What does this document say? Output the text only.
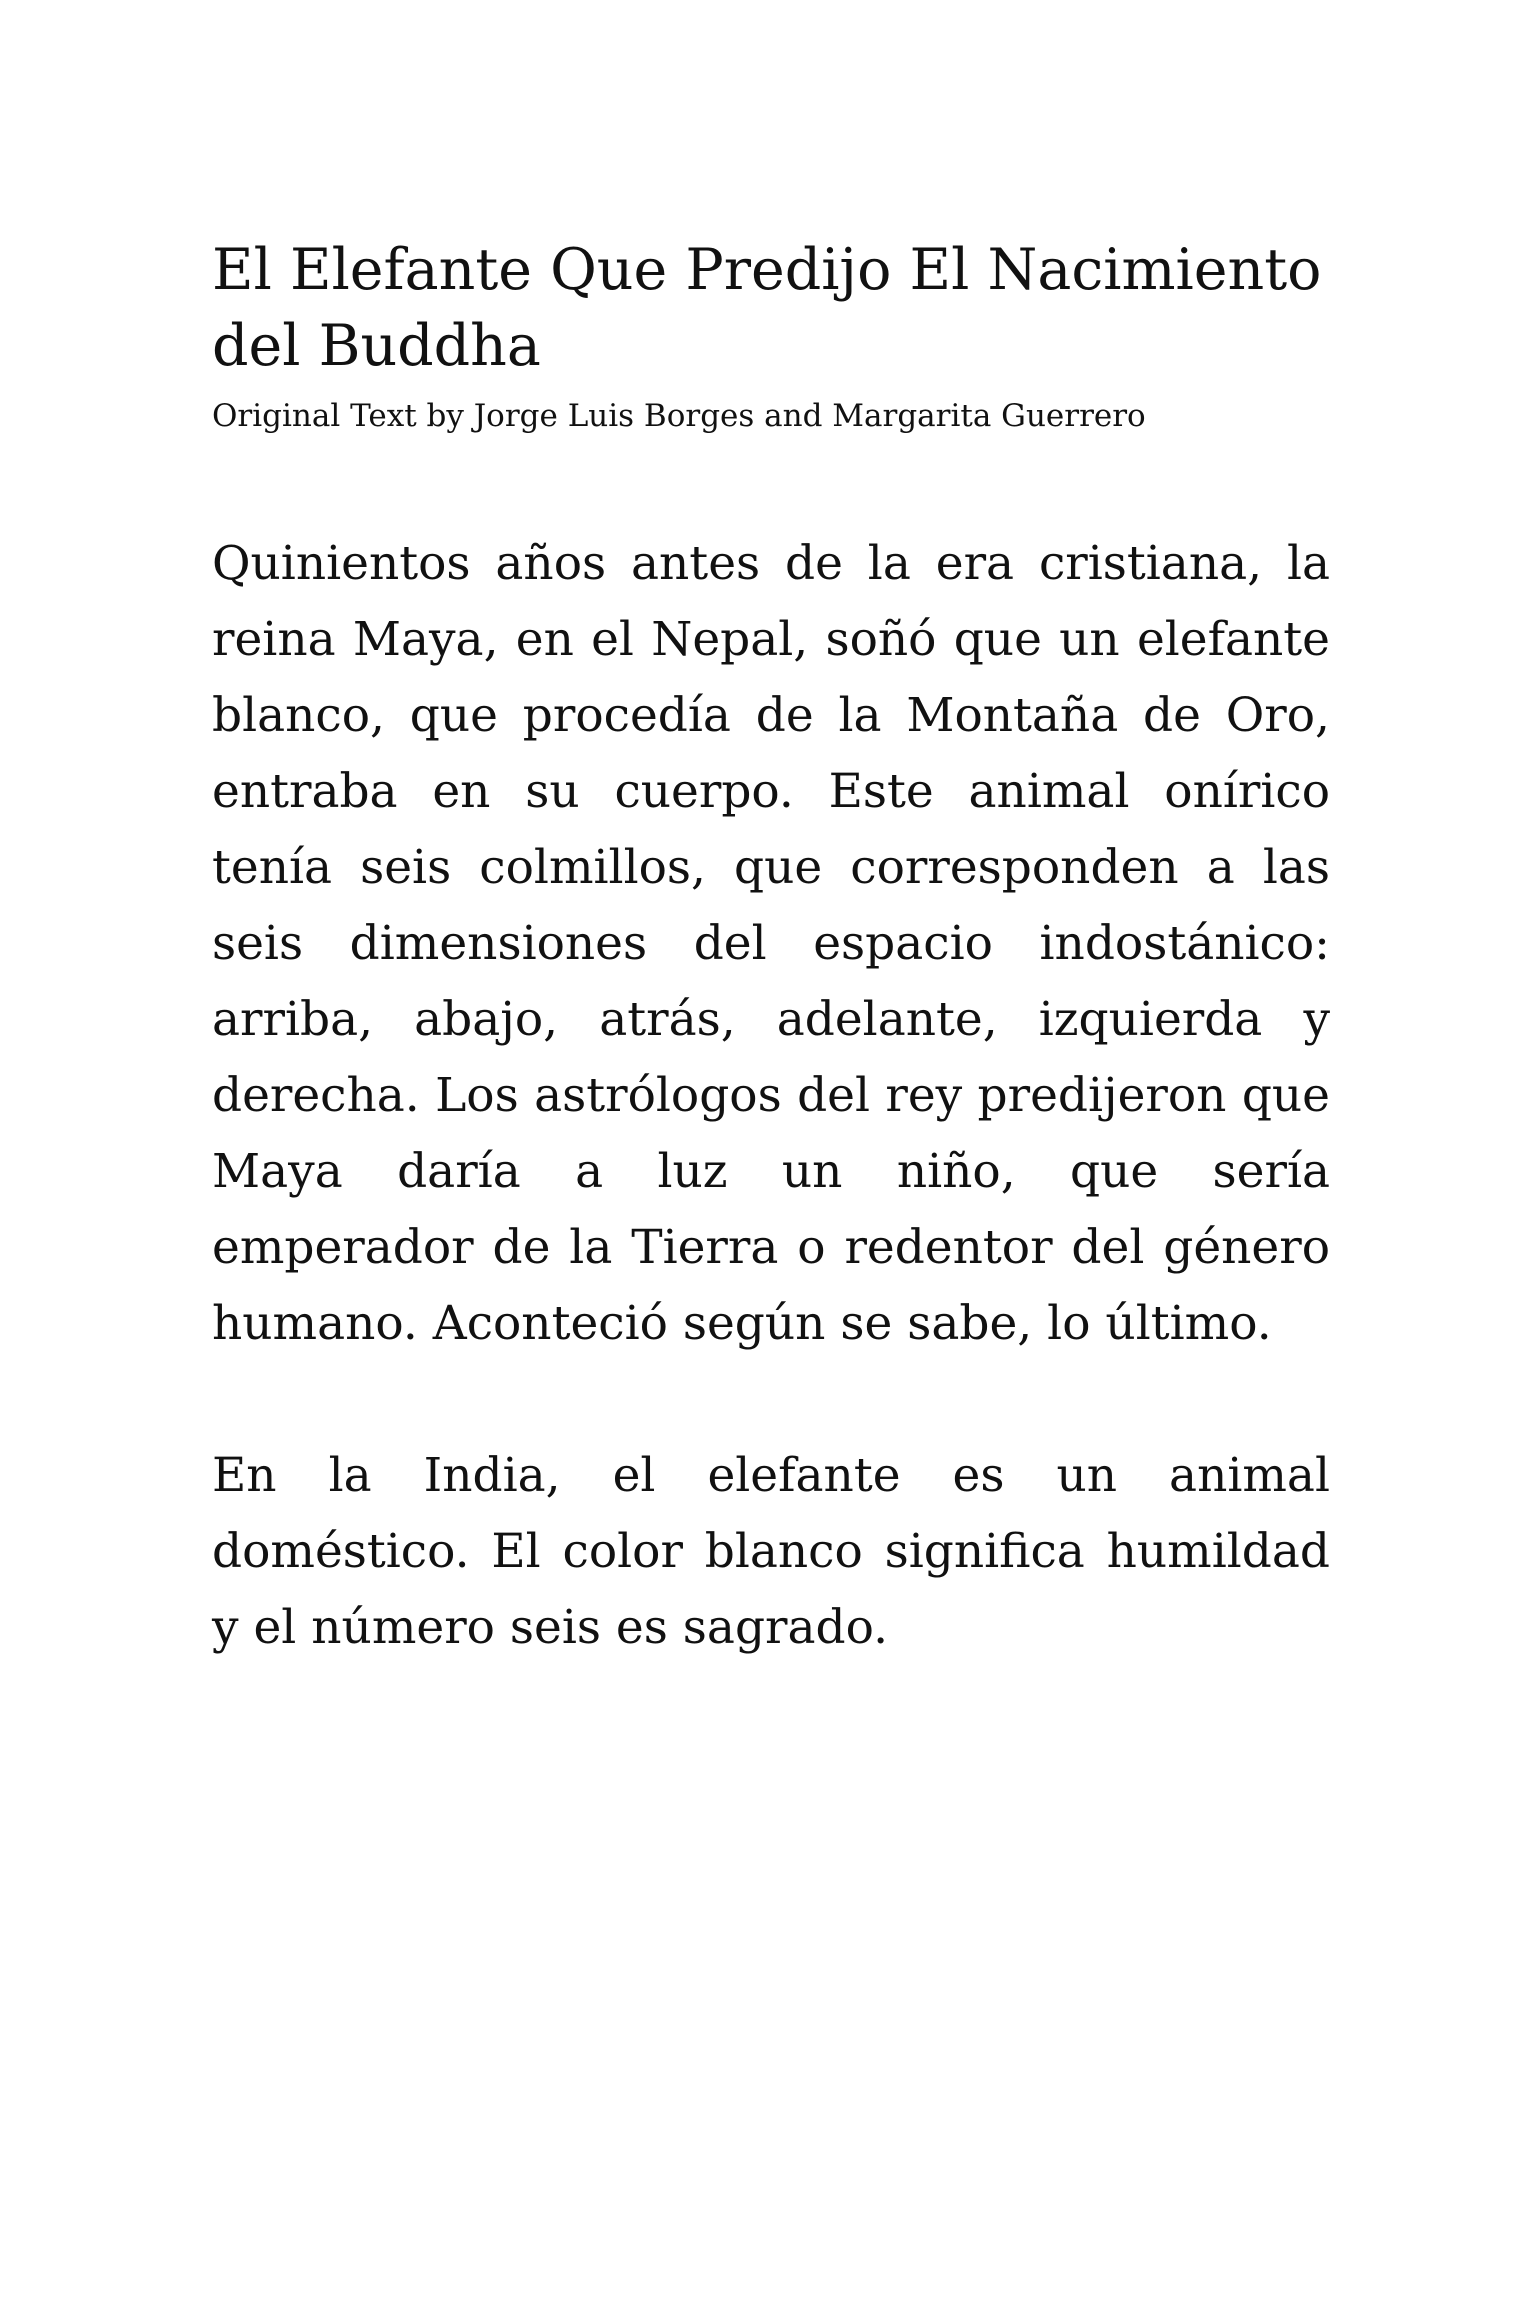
El Elefante Que Predijo El Nacimiento del Buddha

Original Text by Jorge Luis Borges and Margarita Guerrero

Quinientos años antes de la era cristiana, la reina Maya, en el Nepal, soñó que un elefante blanco, que procedía de la Montaña de Oro, entraba en su cuerpo. Este animal onírico tenía seis colmillos, que corresponden a las seis dimensiones del espacio indostánico: arriba, abajo, atrás, adelante, izquierda y derecha. Los astrólogos del rey predijeron que Maya daría a luz un niño, que sería emperador de la Tierra o redentor del género humano. Aconteció según se sabe, lo último.

En la India, el elefante es un animal doméstico. El color blanco significa humildad y el número seis es sagrado.
